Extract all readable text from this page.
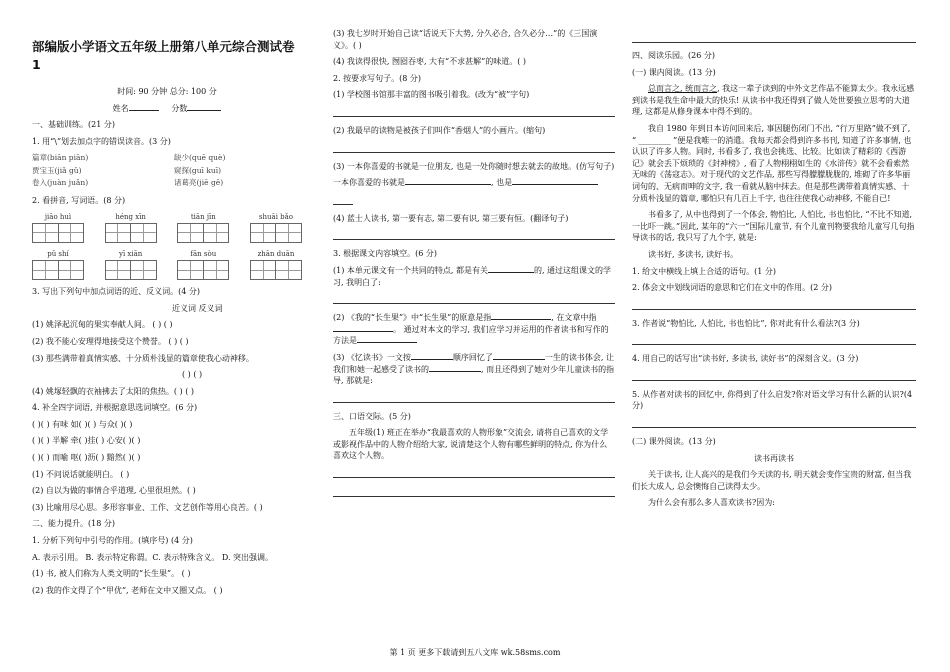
部编版小学语文五年级上册第八单元综合测试卷 1

时间: 90 分钟 总分: 100 分

姓名	分数

一、基础训练。(21 分)

1. 用“\”划去加点字的错误读音。(3 分)

篇章(biān piān)	缺少(quē què)
贾宝玉(jiǎ gǔ)	窥探(guī kuī)
卷入(juàn juǎn)	诸葛亮(jiē gě)

2. 看拼音, 写词语。(8 分)

jiāo huì	héng xīn	tiān jīn	shuāi bǎo
pǔ shí	yī xiān	fān sòu	zhān duān

3. 写出下列句中加点词语的近、反义词。(4 分)

近义词 反义词

(1) 姚泽起沉甸的果实奉献人间。 ( ) ( )

(2) 我不能心安理得地接受这个赞誉。 ( ) ( )

(3) 那些满带着真情实感、十分质朴浅显的篇章使我心动神移。

( ) ( )

(4) 姚塚轻飘的衣袖拂去了太阳的焦热。( ) ( )

4. 补全四字词语, 并根据意思选词填空。(6 分)

( )( ) 有味 如( )( ) 与众( )( )

( )( ) 半解 牵( )挂( ) 心安( )( )

( )( ) 而喻 呕( )沥( ) 黯然( )( )

(1) 不问说话就能明白。 ( )

(2) 自以为做的事情合乎道理, 心里很坦然。( )

(3) 比喻用尽心思。多形容事业、工作、文艺创作等用心良苦。( )

二、能力提升。(18 分)

1. 分析下列句中引号的作用。(填序号) (4 分)

A. 表示引用。 B. 表示特定称谓。C. 表示特殊含义。 D. 突出强调。

(1) 书, 被人们称为人类文明的“长生果”。 ( )

(2) 我的作文得了个“甲优”, 老师在文中又圈又点。 ( )

(3) 我七岁时开始自己读“话说天下大势, 分久必合, 合久必分…”的《三国演义》。( )

(4) 我读得很快, 囫囵吞枣, 大有“不求甚解”的味道。( )

2. 按要求写句子。(8 分)

(1) 学校图书馆那丰富的图书吸引着我。(改为“被”字句)

(2) 我最早的读物是被孩子们叫作“香烟人”的小画片。(缩句)

(3) 一本你喜爱的书就是一位朋友, 也是一处你随时想去就去的故地。(仿写句子)

一本你喜爱的书就是	, 也是

(4) 蓝士人读书, 第一要有志, 第二要有识, 第三要有恒。(翻译句子)

3. 根据课文内容填空。(6 分)

(1) 本单元课文有一个共同的特点, 都是有关	的, 通过这组课文的学习, 我明白了:

(2) 《我的“长生果”》中“长生果”的原意是指	, 在文章中指。 通过对本文的学习, 我们应学习并运用的作者读书和写作的方法是

(3) 《忆读书》一文按	顺序回忆了	一生的读书体会, 让我们和她一起感受了读书的	, 而且还得到了她对少年儿童读书的指导, 那就是:

三、口语交际。(5 分)

五年级(1) 班正在举办“我最喜欢的人物形象”交流会, 请将自己喜欢的文学或影视作品中的人物介绍给大家, 说清楚这个人物有哪些鲜明的特点, 你为什么喜欢这个人物。

四、阅读乐园。(26 分)

(一) 课内阅读。(13 分)

总而言之, 统而言之, 我这一辈子读到的中外文艺作品不能算太少。我永远感到读书是我生命中最大的快乐! 从读书中我还得到了做人处世要独立思考的大道理, 这都是从修身课本中得不到的。

我自 1980 年到日本访问回来后, 事因腿伤闭门不出, “行万里路”做不到了, “ ________ ”便是我唯一的消遣。我每天都会得到许多书刊, 知道了许多事情, 也认识了许多人物。同时, 书看多了, 我也会挑选、比较。比如读了精彩的《西游记》就会丢下烦琐的《封神榜》, 看了人物栩栩如生的《水浒传》就不会看索然无味的《荡寇志》。对于现代的文艺作品, 那些写得朦朦胧胧的, 堆砌了许多华丽词句的、无病而呻的文字, 我一看就从脑中抹去。但是那些满带着真情实感、十分质朴浅显的篇章, 哪怕只有几百上千字, 也往往使我心动神移, 不能自已!

书看多了, 从中也得到了一个体会, 物怕比, 人怕比, 书也怕比, “不比不知道, 一比吓一跳。”因此, 某年的“六一”国际儿童节, 有个儿童刊物要我给儿童写几句指导读书的话, 我只写了九个字, 就是:

读书好, 多读书, 读好书。

1. 给文中横线上填上合适的语句。(1 分)

2. 体会文中划线词语的意思和它们在文中的作用。(2 分)

3. 作者说“物怕比, 人怕比, 书也怕比”, 你对此有什么看法?(3 分)

4. 用自己的话写出“读书好, 多读书, 读好书”的深刻含义。(3 分)

5. 从作者对读书的回忆中, 你得到了什么启发?你对语文学习有什么新的认识?(4 分)

(二) 课外阅读。(13 分)

读书再读书

关于读书, 让人高兴的是我们今天读的书, 明天就会变作宝贵的财富, 但当我们长大成人, 总会懊悔自己读得太少。

为什么会有那么多人喜欢读书?因为:

第 1 页 更多下载请到五八文库 wk.58sms.com
